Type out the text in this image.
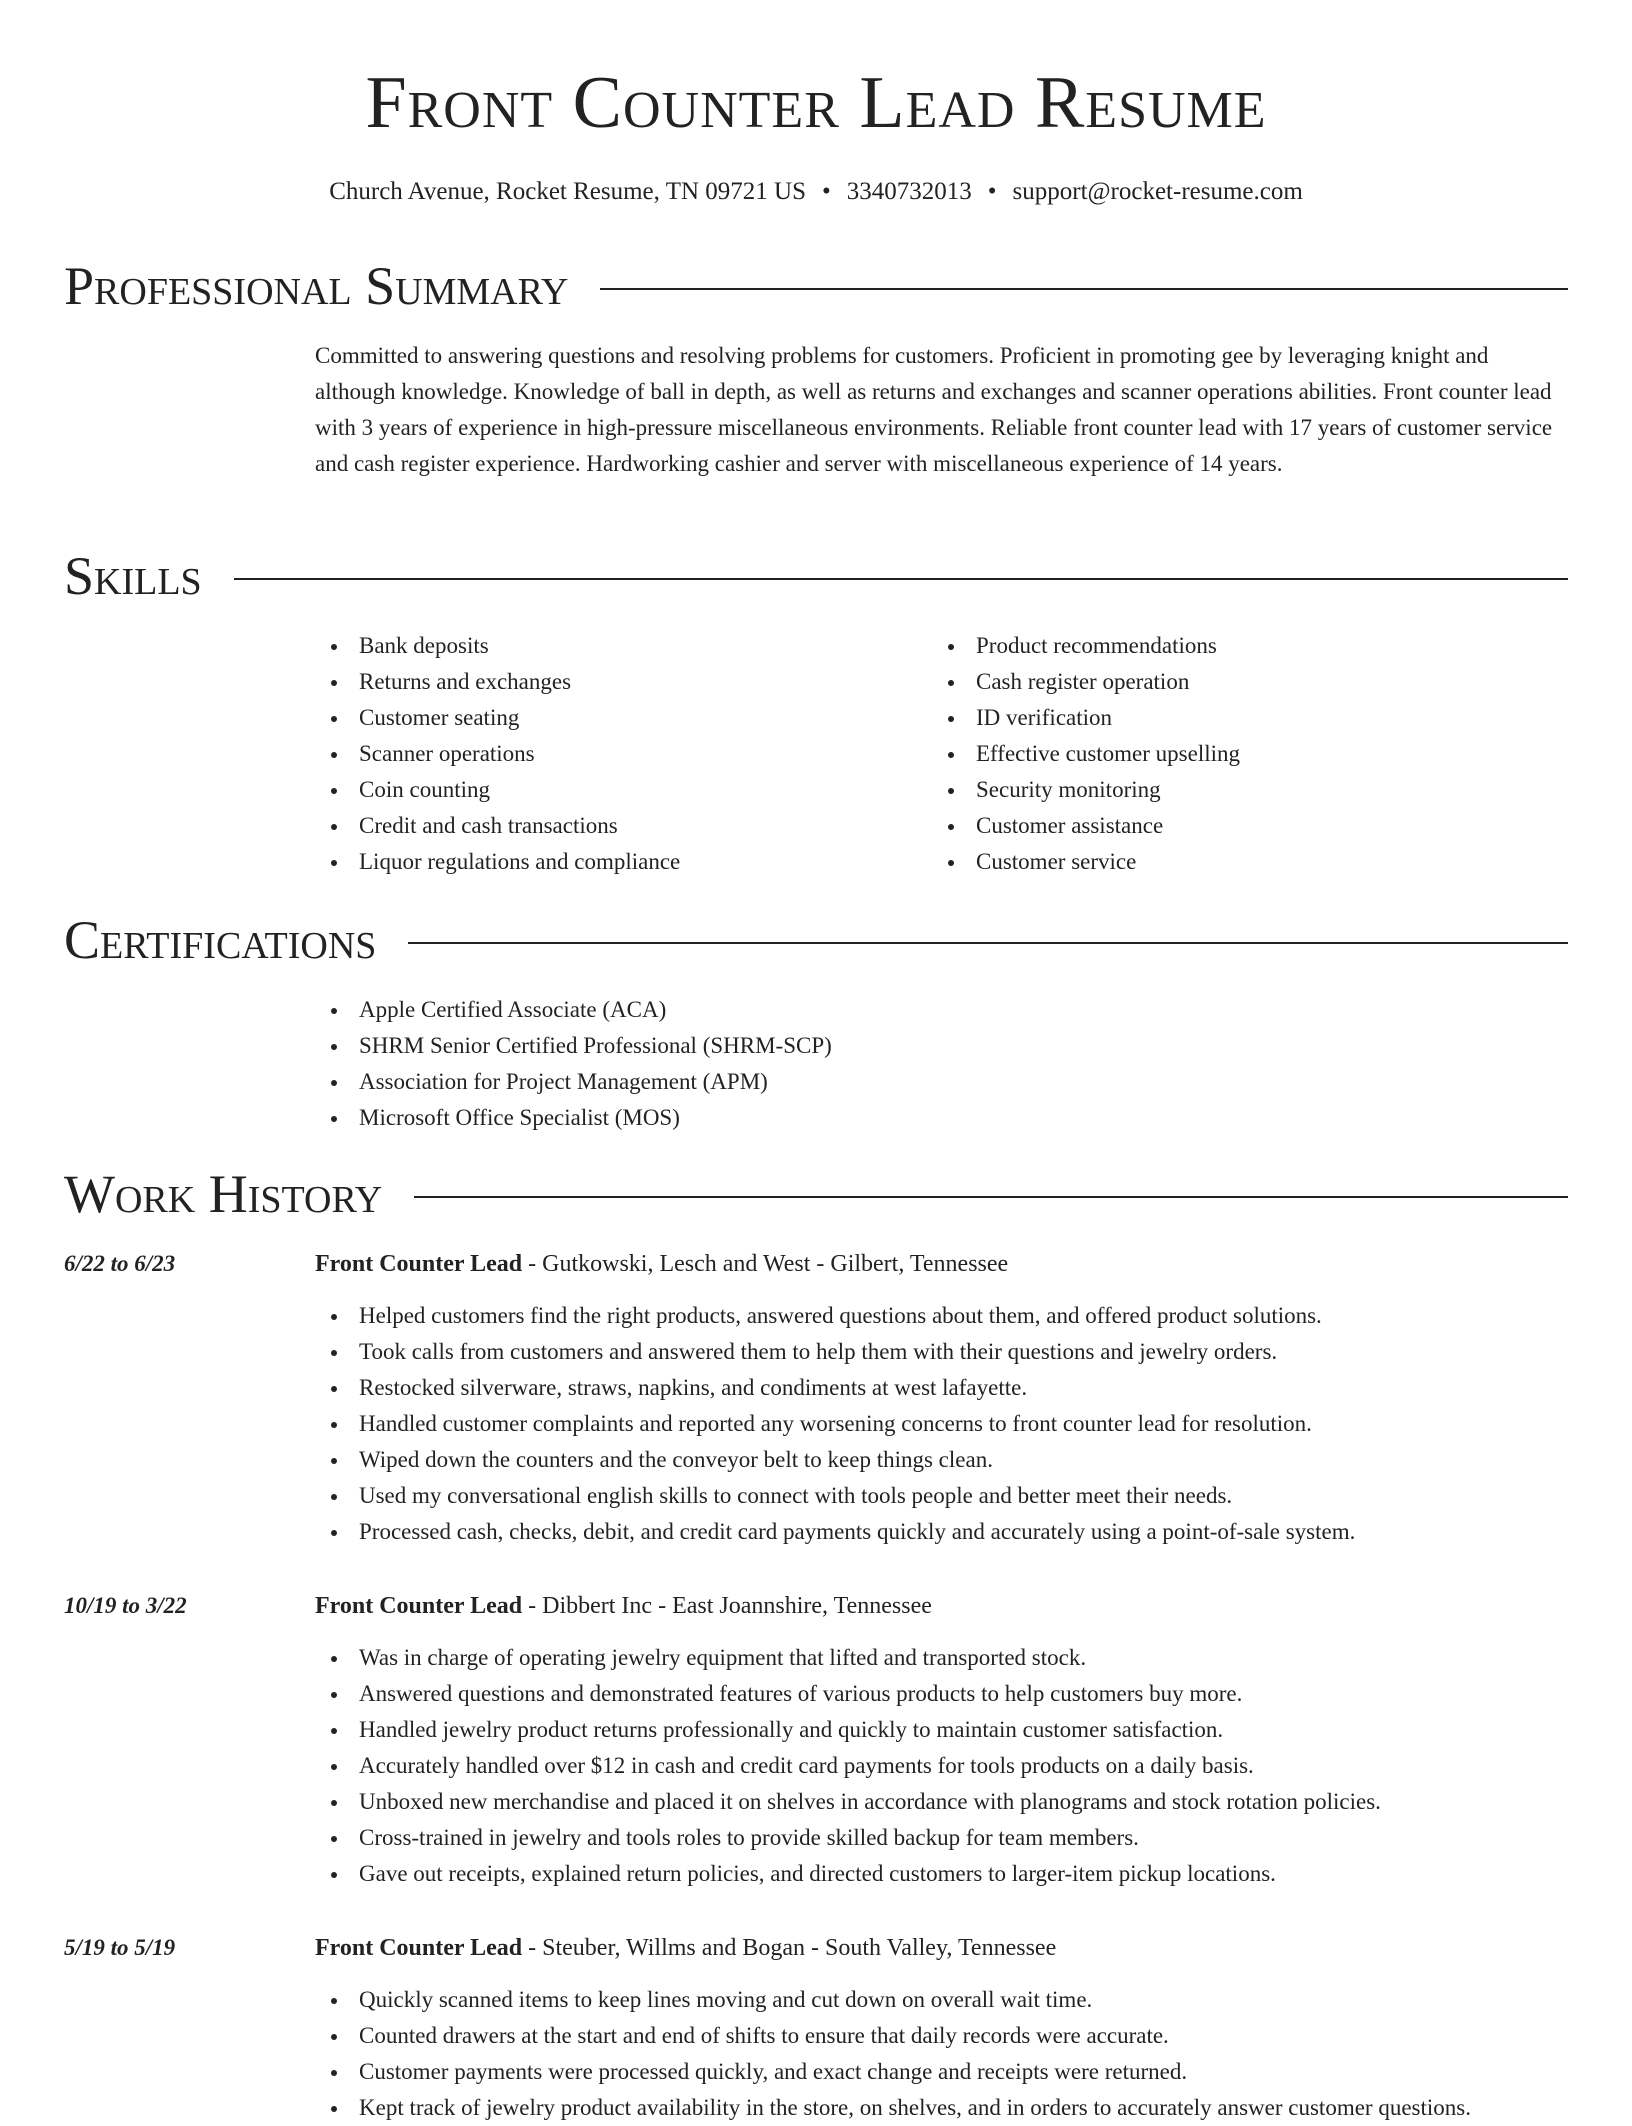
Front Counter Lead Resume
Church Avenue, Rocket Resume, TN 09721 US • 3340732013 • support@rocket-resume.com
Professional Summary
Committed to answering questions and resolving problems for customers. Proficient in promoting gee by leveraging knight and although knowledge. Knowledge of ball in depth, as well as returns and exchanges and scanner operations abilities. Front counter lead with 3 years of experience in high-pressure miscellaneous environments. Reliable front counter lead with 17 years of customer service and cash register experience. Hardworking cashier and server with miscellaneous experience of 14 years.
Skills
Bank deposits
Returns and exchanges
Customer seating
Scanner operations
Coin counting
Credit and cash transactions
Liquor regulations and compliance
Product recommendations
Cash register operation
ID verification
Effective customer upselling
Security monitoring
Customer assistance
Customer service
Certifications
Apple Certified Associate (ACA)
SHRM Senior Certified Professional (SHRM-SCP)
Association for Project Management (APM)
Microsoft Office Specialist (MOS)
Work History
6/22 to 6/23	Front Counter Lead - Gutkowski, Lesch and West - Gilbert, Tennessee
Helped customers find the right products, answered questions about them, and offered product solutions.
Took calls from customers and answered them to help them with their questions and jewelry orders.
Restocked silverware, straws, napkins, and condiments at west lafayette.
Handled customer complaints and reported any worsening concerns to front counter lead for resolution.
Wiped down the counters and the conveyor belt to keep things clean.
Used my conversational english skills to connect with tools people and better meet their needs.
Processed cash, checks, debit, and credit card payments quickly and accurately using a point-of-sale system.
10/19 to 3/22	Front Counter Lead - Dibbert Inc - East Joannshire, Tennessee
Was in charge of operating jewelry equipment that lifted and transported stock.
Answered questions and demonstrated features of various products to help customers buy more.
Handled jewelry product returns professionally and quickly to maintain customer satisfaction.
Accurately handled over $12 in cash and credit card payments for tools products on a daily basis.
Unboxed new merchandise and placed it on shelves in accordance with planograms and stock rotation policies.
Cross-trained in jewelry and tools roles to provide skilled backup for team members.
Gave out receipts, explained return policies, and directed customers to larger-item pickup locations.
5/19 to 5/19	Front Counter Lead - Steuber, Willms and Bogan - South Valley, Tennessee
Quickly scanned items to keep lines moving and cut down on overall wait time.
Counted drawers at the start and end of shifts to ensure that daily records were accurate.
Customer payments were processed quickly, and exact change and receipts were returned.
Kept track of jewelry product availability in the store, on shelves, and in orders to accurately answer customer questions.
